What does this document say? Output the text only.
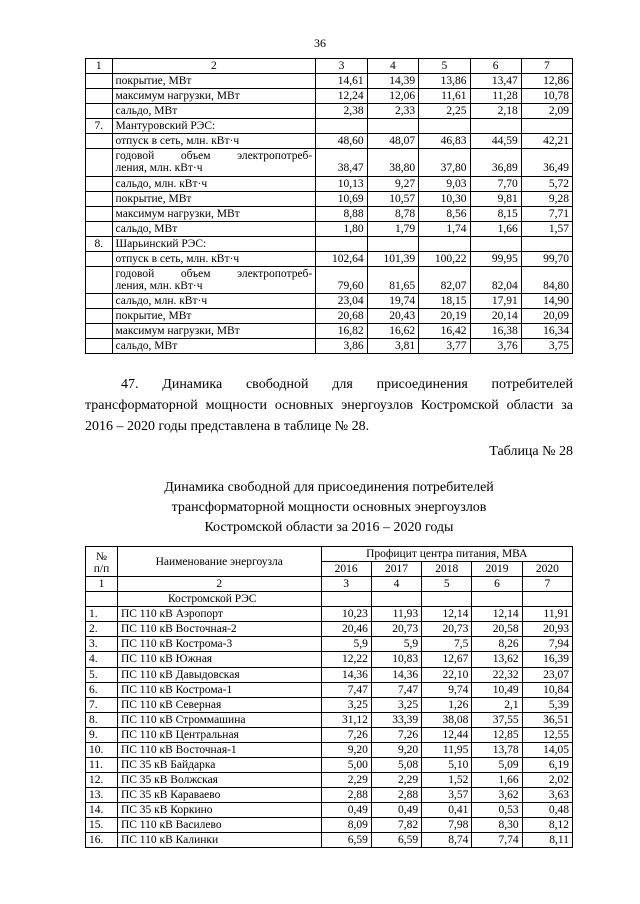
36
1	2	3	4	5	6	7
	покрытие, МВт	14,61	14,39	13,86	13,47	12,86
	максимум нагрузки, МВт	12,24	12,06	11,61	11,28	10,78
	сальдо, МВт	2,38	2,33	2,25	2,18	2,09
7.	Мантуровский РЭС:					
	отпуск в сеть, млн. кВт·ч	48,60	48,07	46,83	44,59	42,21

	годовой объем электропотреб-
ления, млн. кВт·ч	38,47	38,80	37,80	36,89	36,49
	сальдо, млн. кВт·ч	10,13	9,27	9,03	7,70	5,72
	покрытие, МВт	10,69	10,57	10,30	9,81	9,28
	максимум нагрузки, МВт	8,88	8,78	8,56	8,15	7,71
	сальдо, МВт	1,80	1,79	1,74	1,66	1,57
8.	Шарьинский РЭС:					
	отпуск в сеть, млн. кВт·ч	102,64	101,39	100,22	99,95	99,70

	годовой объем электропотреб-
ления, млн. кВт·ч	79,60	81,65	82,07	82,04	84,80
	сальдо, млн. кВт·ч	23,04	19,74	18,15	17,91	14,90
	покрытие, МВт	20,68	20,43	20,19	20,14	20,09
	максимум нагрузки, МВт	16,82	16,62	16,42	16,38	16,34
	сальдо, МВт	3,86	3,81	3,77	3,76	3,75
47. Динамика свободной для присоединения потребителей трансформаторной мощности основных энергоузлов Костромской области за 2016 – 2020 годы представлена в таблице № 28.
Таблица № 28
Динамика свободной для присоединения потребителей
трансформаторной мощности основных энергоузлов
Костромской области за 2016 – 2020 годы
№
п/п	Наименование энергоузла	Профицит центра питания, МВА				
		2016	2017	2018	2019	2020
1	2	3	4	5	6	7
	Костромской РЭС					
1.	ПС 110 кВ Аэропорт	10,23	11,93	12,14	12,14	11,91
2.	ПС 110 кВ Восточная-2	20,46	20,73	20,73	20,58	20,93
3.	ПС 110 кВ Кострома-3	5,9	5,9	7,5	8,26	7,94
4.	ПС 110 кВ Южная	12,22	10,83	12,67	13,62	16,39
5.	ПС 110 кВ Давыдовская	14,36	14,36	22,10	22,32	23,07
6.	ПС 110 кВ Кострома-1	7,47	7,47	9,74	10,49	10,84
7.	ПС 110 кВ Северная	3,25	3,25	1,26	2,1	5,39
8.	ПС 110 кВ Строммашина	31,12	33,39	38,08	37,55	36,51
9.	ПС 110 кВ Центральная	7,26	7,26	12,44	12,85	12,55
10.	ПС 110 кВ Восточная-1	9,20	9,20	11,95	13,78	14,05
11.	ПС 35 кВ Байдарка	5,00	5,08	5,10	5,09	6,19
12.	ПС 35 кВ Волжская	2,29	2,29	1,52	1,66	2,02
13.	ПС 35 кВ Караваево	2,88	2,88	3,57	3,62	3,63
14.	ПС 35 кВ Коркино	0,49	0,49	0,41	0,53	0,48
15.	ПС 110 кВ Василево	8,09	7,82	7,98	8,30	8,12
16.	ПС 110 кВ Калинки	6,59	6,59	8,74	7,74	8,11
